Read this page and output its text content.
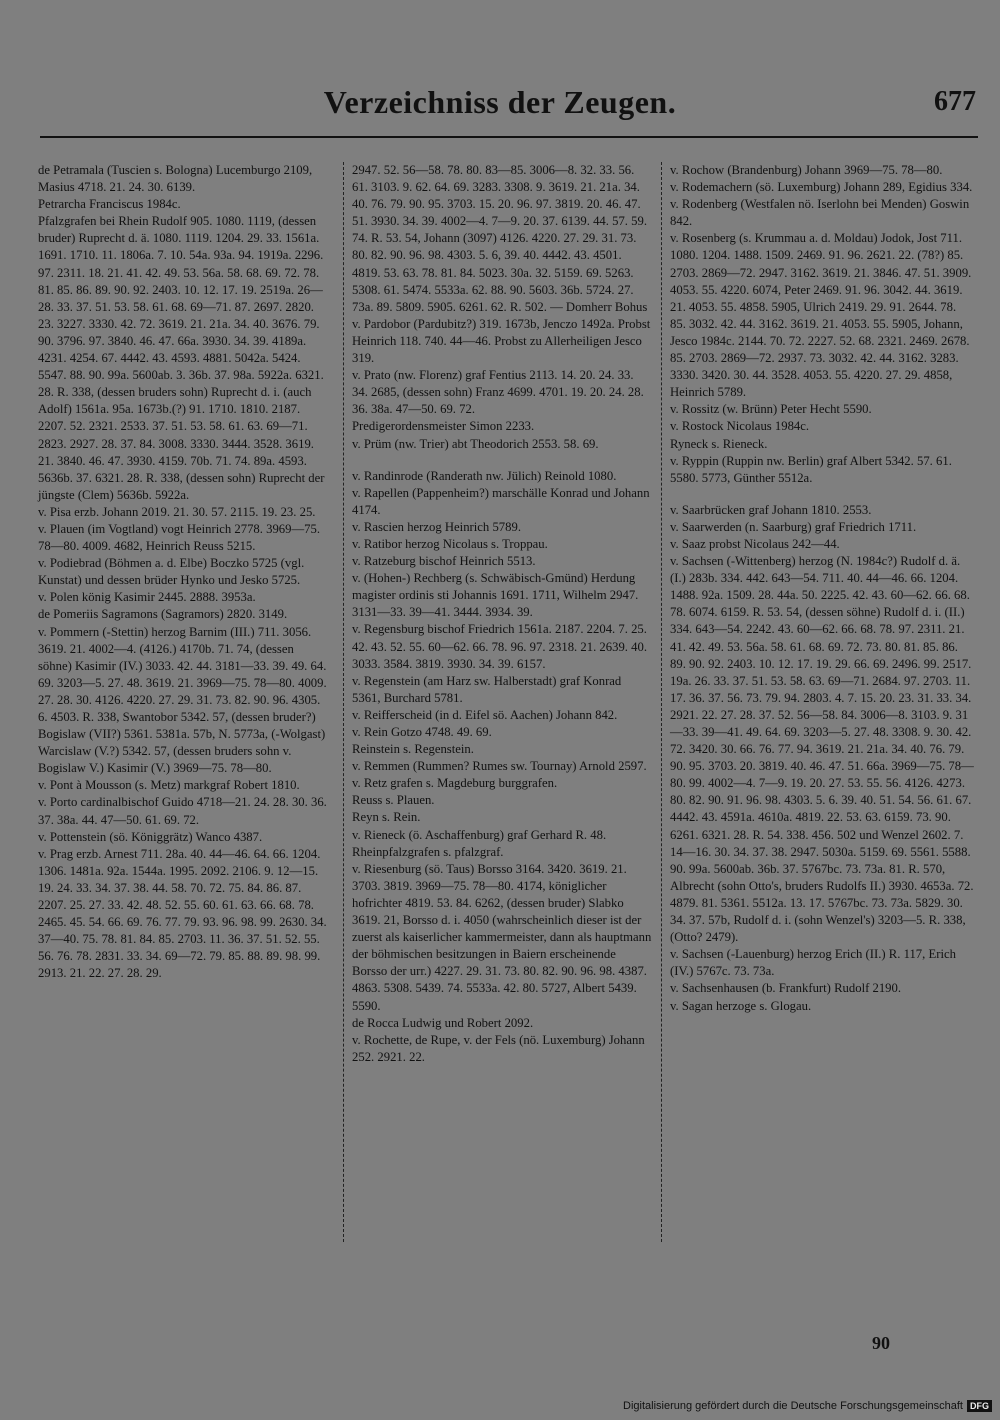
Verzeichniss der Zeugen.	677
de Petramala (Tuscien s. Bologna) Lucemburgo 2109, Masius 4718. 21. 24. 30. 6139.
Petrarcha Franciscus 1984c.
Pfalzgrafen bei Rhein Rudolf 905. 1080. 1119, (dessen bruder) Ruprecht d. ä. 1080. 1119. 1204. 29. 33. 1561a. 1691. 1710. 11. 1806a. 7. 10. 54a. 93a. 94. 1919a. 2296. 97. 2311. 18. 21. 41. 42. 49. 53. 56a. 58. 68. 69. 72. 78. 81. 85. 86. 89. 90. 92. 2403. 10. 12. 17. 19. 2519a. 26—28. 33. 37. 51. 53. 58. 61. 68. 69—71. 87. 2697. 2820. 23. 3227. 3330. 42. 72. 3619. 21. 21a. 34. 40. 3676. 79. 90. 3796. 97. 3840. 46. 47. 66a. 3930. 34. 39. 4189a. 4231. 4254. 67. 4442. 43. 4593. 4881. 5042a. 5424. 5547. 88. 90. 99a. 5600ab. 3. 36b. 37. 98a. 5922a. 6321. 28. R. 338, (dessen bruders sohn) Ruprecht d. i. (auch Adolf) 1561a. 95a. 1673b.(?) 91. 1710. 1810. 2187. 2207. 52. 2321. 2533. 37. 51. 53. 58. 61. 63. 69—71. 2823. 2927. 28. 37. 84. 3008. 3330. 3444. 3528. 3619. 21. 3840. 46. 47. 3930. 4159. 70b. 71. 74. 89a. 4593. 5636b. 37. 6321. 28. R. 338, (dessen sohn) Ruprecht der jüngste (Clem) 5636b. 5922a.
v. Pisa erzb. Johann 2019. 21. 30. 57. 2115. 19. 23. 25.
v. Plauen (im Vogtland) vogt Heinrich 2778. 3969—75. 78—80. 4009. 4682, Heinrich Reuss 5215.
v. Podiebrad (Böhmen a. d. Elbe) Boczko 5725 (vgl. Kunstat) und dessen brüder Hynko und Jesko 5725.
v. Polen könig Kasimir 2445. 2888. 3953a.
de Pomeriis Sagramons (Sagramors) 2820. 3149.
v. Pommern (-Stettin) herzog Barnim (III.) 711. 3056. 3619. 21. 4002—4. (4126.) 4170b. 71. 74, (dessen söhne) Kasimir (IV.) 3033. 42. 44. 3181—33. 39. 49. 64. 69. 3203—5. 27. 48. 3619. 21. 3969—75. 78—80. 4009. 27. 28. 30. 4126. 4220. 27. 29. 31. 73. 82. 90. 96. 4305. 6. 4503. R. 338, Swantobor 5342. 57, (dessen bruder?) Bogislaw (VII?) 5361. 5381a. 57b, N. 5773a, (-Wolgast) Warcislaw (V.?) 5342. 57, (dessen bruders sohn v. Bogislaw V.) Kasimir (V.) 3969—75. 78—80.
v. Pont à Mousson (s. Metz) markgraf Robert 1810.
v. Porto cardinalbischof Guido 4718—21. 24. 28. 30. 36. 37. 38a. 44. 47—50. 61. 69. 72.
v. Pottenstein (sö. Königgrätz) Wanco 4387.
v. Prag erzb. Arnest 711. 28a. 40. 44—46. 64. 66. 1204. 1306. 1481a. 92a. 1544a. 1995. 2092. 2106. 9. 12—15. 19. 24. 33. 34. 37. 38. 44. 58. 70. 72. 75. 84. 86. 87. 2207. 25. 27. 33. 42. 48. 52. 55. 60. 61. 63. 66. 68. 78. 2465. 45. 54. 66. 69. 76. 77. 79. 93. 96. 98. 99. 2630. 34. 37—40. 75. 78. 81. 84. 85. 2703. 11. 36. 37. 51. 52. 55. 56. 76. 78. 2831. 33. 34. 69—72. 79. 85. 88. 89. 98. 99. 2913. 21. 22. 27. 28. 29.
2947. 52. 56—58. 78. 80. 83—85. 3006—8. 32. 33. 56. 61. 3103. 9. 62. 64. 69. 3283. 3308. 9. 3619. 21. 21a. 34. 40. 76. 79. 90. 95. 3703. 15. 20. 96. 97. 3819. 20. 46. 47. 51. 3930. 34. 39. 4002—4. 7—9. 20. 37. 6139. 44. 57. 59. 74. R. 53. 54, Johann (3097) 4126. 4220. 27. 29. 31. 73. 80. 82. 90. 96. 98. 4303. 5. 6, 39. 40. 4442. 43. 4501. 4819. 53. 63. 78. 81. 84. 5023. 30a. 32. 5159. 69. 5263. 5308. 61. 5474. 5533a. 62. 88. 90. 5603. 36b. 5724. 27. 73a. 89. 5809. 5905. 6261. 62. R. 502. — Domherr Bohus v. Pardobor (Pardubitz?) 319. 1673b, Jenczo 1492a. Probst Heinrich 118. 740. 44—46. Probst zu Allerheiligen Jesco 319.
v. Prato (nw. Florenz) graf Fentius 2113. 14. 20. 24. 33. 34. 2685, (dessen sohn) Franz 4699. 4701. 19. 20. 24. 28. 36. 38a. 47—50. 69. 72.
Predigerordensmeister Simon 2233.
v. Prüm (nw. Trier) abt Theodorich 2553. 58. 69.
v. Randinrode (Randerath nw. Jülich) Reinold 1080.
v. Rapellen (Pappenheim?) marschälle Konrad und Johann 4174.
v. Rascien herzog Heinrich 5789.
v. Ratibor herzog Nicolaus s. Troppau.
v. Ratzeburg bischof Heinrich 5513.
v. (Hohen-) Rechberg (s. Schwäbisch-Gmünd) Herdung magister ordinis sti Johannis 1691. 1711, Wilhelm 2947. 3131—33. 39—41. 3444. 3934. 39.
v. Regensburg bischof Friedrich 1561a. 2187. 2204. 7. 25. 42. 43. 52. 55. 60—62. 66. 78. 96. 97. 2318. 21. 2639. 40. 3033. 3584. 3819. 3930. 34. 39. 6157.
v. Regenstein (am Harz sw. Halberstadt) graf Konrad 5361, Burchard 5781.
v. Reifferscheid (in d. Eifel sö. Aachen) Johann 842.
v. Rein Gotzo 4748. 49. 69.
Reinstein s. Regenstein.
v. Remmen (Rummen? Rumes sw. Tournay) Arnold 2597.
v. Retz grafen s. Magdeburg burggrafen.
Reuss s. Plauen.
Reyn s. Rein.
v. Rieneck (ö. Aschaffenburg) graf Gerhard R. 48.
Rheinpfalzgrafen s. pfalzgraf.
v. Riesenburg (sö. Taus) Borsso 3164. 3420. 3619. 21. 3703. 3819. 3969—75. 78—80. 4174, königlicher hofrichter 4819. 53. 84. 6262, (dessen bruder) Slabko 3619. 21, Borsso d. i. 4050 (wahrscheinlich dieser ist der zuerst als kaiserlicher kammermeister, dann als hauptmann der böhmischen besitzungen in Baiern erscheinende Borsso der urr.) 4227. 29. 31. 73. 80. 82. 90. 96. 98. 4387. 4863. 5308. 5439. 74. 5533a. 42. 80. 5727, Albert 5439. 5590.
de Rocca Ludwig und Robert 2092.
v. Rochette, de Rupe, v. der Fels (nö. Luxemburg) Johann 252. 2921. 22.
v. Rochow (Brandenburg) Johann 3969—75. 78—80.
v. Rodemachern (sö. Luxemburg) Johann 289, Egidius 334.
v. Rodenberg (Westfalen nö. Iserlohn bei Menden) Goswin 842.
v. Rosenberg (s. Krummau a. d. Moldau) Jodok, Jost 711. 1080. 1204. 1488. 1509. 2469. 91. 96. 2621. 22. (78?) 85. 2703. 2869—72. 2947. 3162. 3619. 21. 3846. 47. 51. 3909. 4053. 55. 4220. 6074, Peter 2469. 91. 96. 3042. 44. 3619. 21. 4053. 55. 4858. 5905, Ulrich 2419. 29. 91. 2644. 78. 85. 3032. 42. 44. 3162. 3619. 21. 4053. 55. 5905, Johann, Jesco 1984c. 2144. 70. 72. 2227. 52. 68. 2321. 2469. 2678. 85. 2703. 2869—72. 2937. 73. 3032. 42. 44. 3162. 3283. 3330. 3420. 30. 44. 3528. 4053. 55. 4220. 27. 29. 4858, Heinrich 5789.
v. Rossitz (w. Brünn) Peter Hecht 5590.
v. Rostock Nicolaus 1984c.
Ryneck s. Rieneck.
v. Ryppin (Ruppin nw. Berlin) graf Albert 5342. 57. 61. 5580. 5773, Günther 5512a.
v. Saarbrücken graf Johann 1810. 2553.
v. Saarwerden (n. Saarburg) graf Friedrich 1711.
v. Saaz probst Nicolaus 242—44.
v. Sachsen (-Wittenberg) herzog (N. 1984c?) Rudolf d. ä. (I.) 283b. 334. 442. 643—54. 711. 40. 44—46. 66. 1204. 1488. 92a. 1509. 28. 44a. 50. 2225. 42. 43. 60—62. 66. 68. 78. 6074. 6159. R. 53. 54, (dessen söhne) Rudolf d. i. (II.) 334. 643—54. 2242. 43. 60—62. 66. 68. 78. 97. 2311. 21. 41. 42. 49. 53. 56a. 58. 61. 68. 69. 72. 73. 80. 81. 85. 86. 89. 90. 92. 2403. 10. 12. 17. 19. 29. 66. 69. 2496. 99. 2517. 19a. 26. 33. 37. 51. 53. 58. 63. 69—71. 2684. 97. 2703. 11. 17. 36. 37. 56. 73. 79. 94. 2803. 4. 7. 15. 20. 23. 31. 33. 34. 2921. 22. 27. 28. 37. 52. 56—58. 84. 3006—8. 3103. 9. 31—33. 39—41. 49. 64. 69. 3203—5. 27. 48. 3308. 9. 30. 42. 72. 3420. 30. 66. 76. 77. 94. 3619. 21. 21a. 34. 40. 76. 79. 90. 95. 3703. 20. 3819. 40. 46. 47. 51. 66a. 3969—75. 78—80. 99. 4002—4. 7—9. 19. 20. 27. 53. 55. 56. 4126. 4273. 80. 82. 90. 91. 96. 98. 4303. 5. 6. 39. 40. 51. 54. 56. 61. 67. 4442. 43. 4591a. 4610a. 4819. 22. 53. 63. 6159. 73. 90. 6261. 6321. 28. R. 54. 338. 456. 502 und Wenzel 2602. 7. 14—16. 30. 34. 37. 38. 2947. 5030a. 5159. 69. 5561. 5588. 90. 99a. 5600ab. 36b. 37. 5767bc. 73. 73a. 81. R. 570, Albrecht (sohn Otto's, bruders Rudolfs II.) 3930. 4653a. 72. 4879. 81. 5361. 5512a. 13. 17. 5767bc. 73. 73a. 5829. 30. 34. 37. 57b, Rudolf d. i. (sohn Wenzel's) 3203—5. R. 338, (Otto? 2479).
v. Sachsen (-Lauenburg) herzog Erich (II.) R. 117, Erich (IV.) 5767c. 73. 73a.
v. Sachsenhausen (b. Frankfurt) Rudolf 2190.
v. Sagan herzoge s. Glogau.
90
Digitalisierung gefördert durch die Deutsche Forschungsgemeinschaft DFG
